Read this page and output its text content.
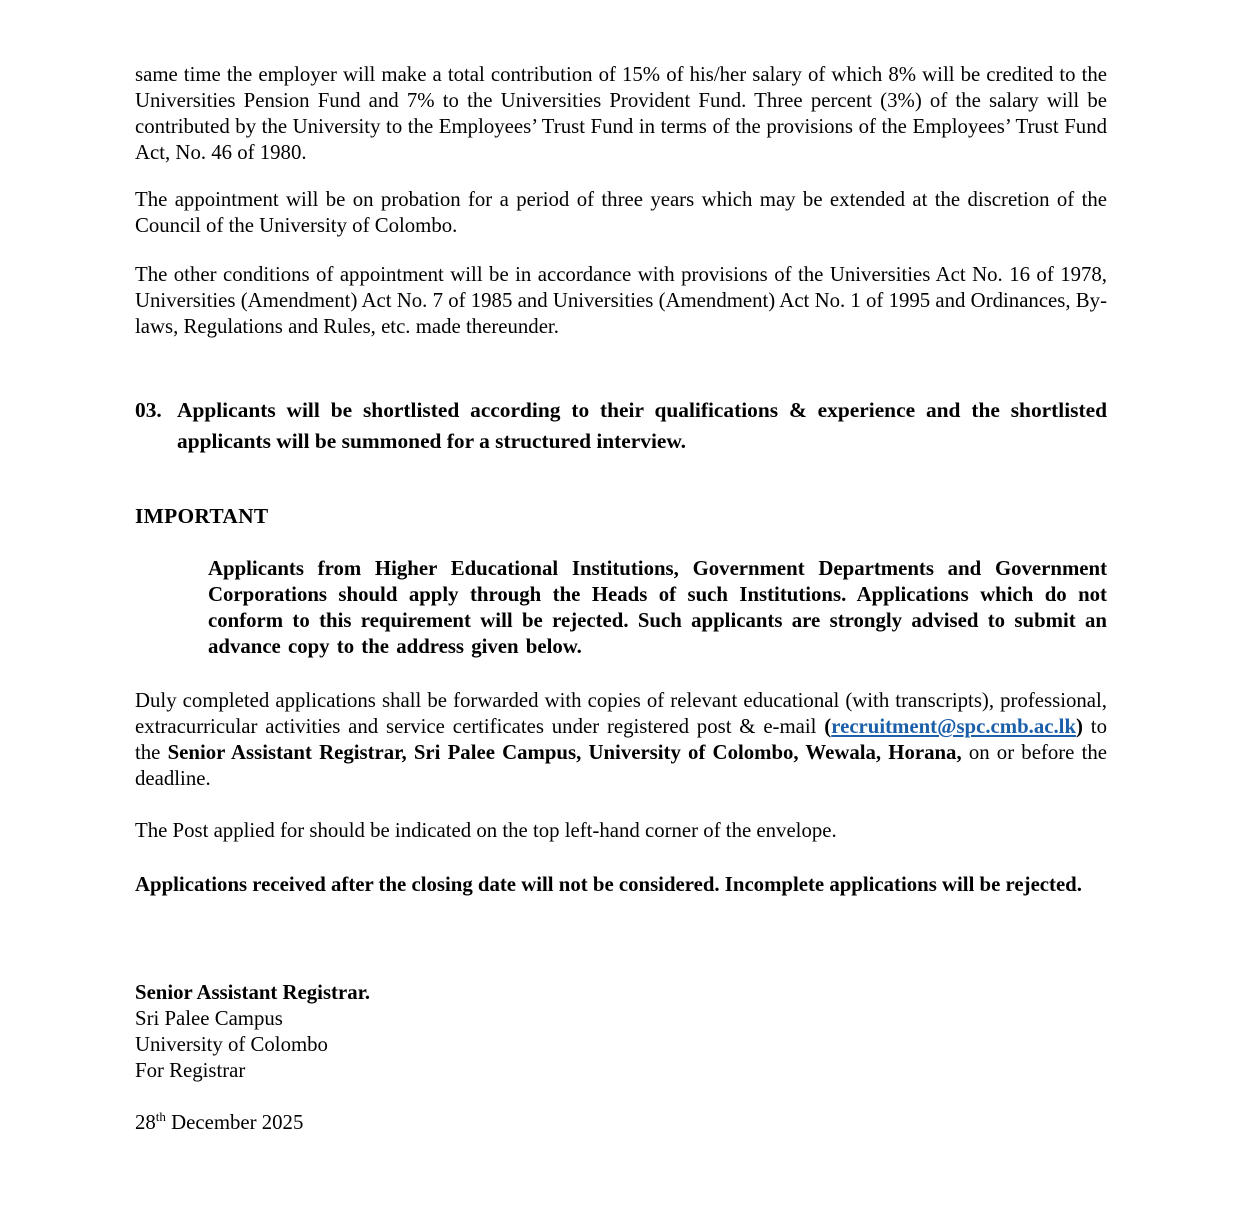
same time the employer will make a total contribution of 15% of his/her salary of which 8% will be credited to the Universities Pension Fund and 7% to the Universities Provident Fund. Three percent (3%) of the salary will be contributed by the University to the Employees’ Trust Fund in terms of the provisions of the Employees’ Trust Fund Act, No. 46 of 1980.

The appointment will be on probation for a period of three years which may be extended at the discretion of the Council of the University of Colombo.

The other conditions of appointment will be in accordance with provisions of the Universities Act No. 16 of 1978, Universities (Amendment) Act No. 7 of 1985 and Universities (Amendment) Act No. 1 of 1995 and Ordinances, By-laws, Regulations and Rules, etc. made thereunder.

03. Applicants will be shortlisted according to their qualifications & experience and the shortlisted applicants will be summoned for a structured interview.

IMPORTANT

Applicants from Higher Educational Institutions, Government Departments and Government Corporations should apply through the Heads of such Institutions. Applications which do not conform to this requirement will be rejected. Such applicants are strongly advised to submit an advance copy to the address given below.

Duly completed applications shall be forwarded with copies of relevant educational (with transcripts), professional, extracurricular activities and service certificates under registered post & e-mail (recruitment@spc.cmb.ac.lk) to the Senior Assistant Registrar, Sri Palee Campus, University of Colombo, Wewala, Horana, on or before the deadline.

The Post applied for should be indicated on the top left-hand corner of the envelope.

Applications received after the closing date will not be considered. Incomplete applications will be rejected.

Senior Assistant Registrar.
Sri Palee Campus
University of Colombo
For Registrar
28th December 2025
